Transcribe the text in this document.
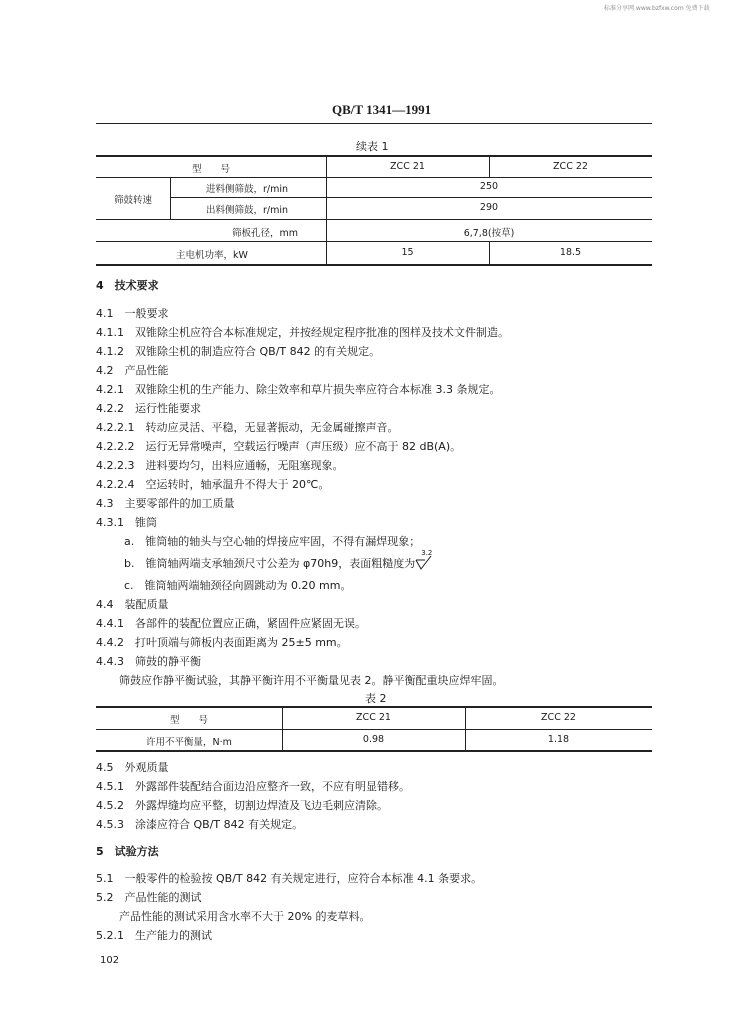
标准分享网 www.bzfxw.com 免费下载
QB/T 1341—1991
续表 1
型　　号	ZCC 21	ZCC 22
筛鼓转速
进料侧筛鼓，r/min	250
出料侧筛鼓，r/min	290
筛板孔径，mm	6,7,8(按草)
主电机功率，kW	15	18.5
4　技术要求
4.1　一般要求
4.1.1　双锥除尘机应符合本标准规定，并按经规定程序批准的图样及技术文件制造。
4.1.2　双锥除尘机的制造应符合 QB/T 842 的有关规定。
4.2　产品性能
4.2.1　双锥除尘机的生产能力、除尘效率和草片损失率应符合本标准 3.3 条规定。
4.2.2　运行性能要求
4.2.2.1　转动应灵活、平稳，无显著振动，无金属碰擦声音。
4.2.2.2　运行无异常噪声，空载运行噪声（声压级）应不高于 82 dB(A)。
4.2.2.3　进料要均匀，出料应通畅，无阻塞现象。
4.2.2.4　空运转时，轴承温升不得大于 20℃。
4.3　主要零部件的加工质量
4.3.1　锥筒
a.　锥筒轴的轴头与空心轴的焊接应牢固，不得有漏焊现象；
b.　锥筒轴两端支承轴颈尺寸公差为 φ70h9，表面粗糙度为
3.2
c.　锥筒轴两端轴颈径向圆跳动为 0.20 mm。
4.4　装配质量
4.4.1　各部件的装配位置应正确，紧固件应紧固无误。
4.4.2　打叶顶端与筛板内表面距离为 25±5 mm。
4.4.3　筛鼓的静平衡
筛鼓应作静平衡试验，其静平衡许用不平衡量见表 2。静平衡配重块应焊牢固。
表 2
型　　号	ZCC 21	ZCC 22
许用不平衡量，N·m	0.98	1.18
4.5　外观质量
4.5.1　外露部件装配结合面边沿应整齐一致，不应有明显错移。
4.5.2　外露焊缝均应平整，切割边焊渣及飞边毛刺应清除。
4.5.3　涂漆应符合 QB/T 842 有关规定。
5　试验方法
5.1　一般零件的检验按 QB/T 842 有关规定进行，应符合本标准 4.1 条要求。
5.2　产品性能的测试
产品性能的测试采用含水率不大于 20% 的麦草料。
5.2.1　生产能力的测试
102
